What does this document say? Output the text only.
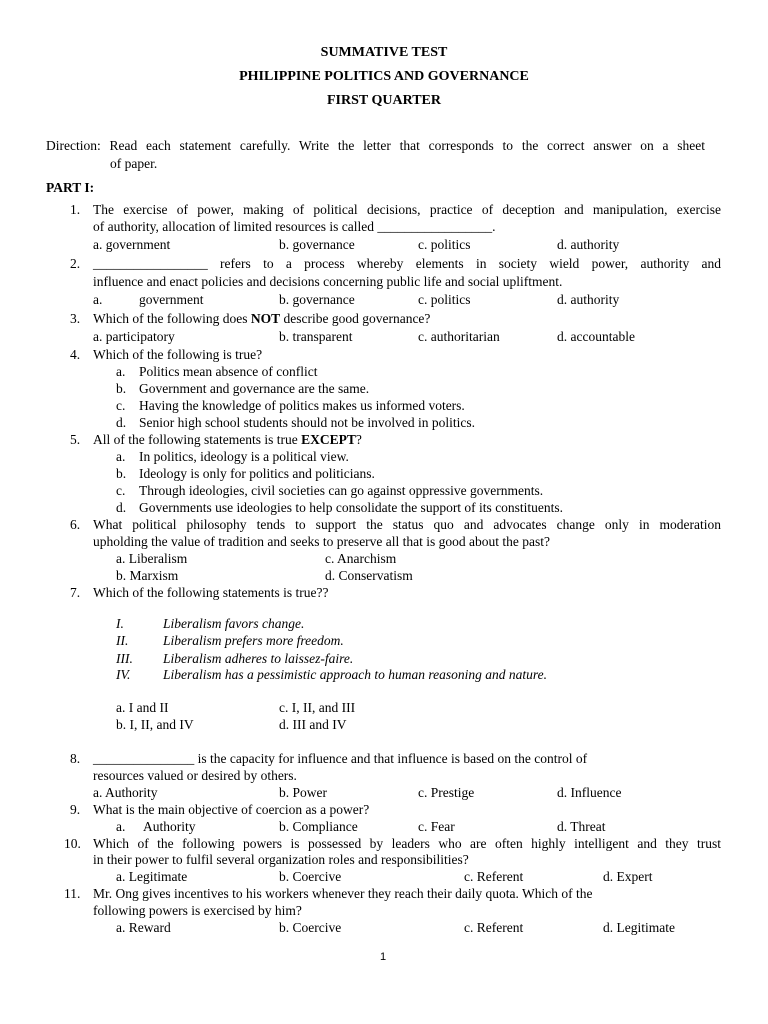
SUMMATIVE TEST
PHILIPPINE POLITICS AND GOVERNANCE
FIRST QUARTER
Direction: Read each statement carefully. Write the letter that corresponds to the correct answer on a sheet
of paper.
PART I:
1. The exercise of power, making of political decisions, practice of deception and manipulation, exercise
of authority, allocation of limited resources is called _________________.
a. government	b. governance	c. politics	d. authority
2. _________________ refers to a process whereby elements in society wield power, authority and
influence and enact policies and decisions concerning public life and social upliftment.
a.	government	b. governance	c. politics	d. authority
3. Which of the following does NOT describe good governance?
a. participatory	b. transparent	c. authoritarian	d. accountable
4. Which of the following is true?
a. Politics mean absence of conflict
b. Government and governance are the same.
c. Having the knowledge of politics makes us informed voters.
d. Senior high school students should not be involved in politics.
5. All of the following statements is true EXCEPT?
a. In politics, ideology is a political view.
b. Ideology is only for politics and politicians.
c. Through ideologies, civil societies can go against oppressive governments.
d. Governments use ideologies to help consolidate the support of its constituents.
6. What political philosophy tends to support the status quo and advocates change only in moderation
upholding the value of tradition and seeks to preserve all that is good about the past?
a. Liberalism	c. Anarchism
b. Marxism	d. Conservatism
7. Which of the following statements is true??
I.	Liberalism favors change.
II.	Liberalism prefers more freedom.
III. Liberalism adheres to laissez-faire.
IV. Liberalism has a pessimistic approach to human reasoning and nature.
a. I and II	c. I, II, and III
b. I, II, and IV	d. III and IV
8. _______________ is the capacity for influence and that influence is based on the control of
resources valued or desired by others.
a. Authority	b. Power	c. Prestige	d. Influence
9. What is the main objective of coercion as a power?
a. Authority	b. Compliance	c. Fear	d. Threat
10. Which of the following powers is possessed by leaders who are often highly intelligent and they trust
in their power to fulfil several organization roles and responsibilities?
a. Legitimate	b. Coercive	c. Referent	d. Expert
11. Mr. Ong gives incentives to his workers whenever they reach their daily quota. Which of the
following powers is exercised by him?
a. Reward	b. Coercive	c. Referent	d. Legitimate
1
